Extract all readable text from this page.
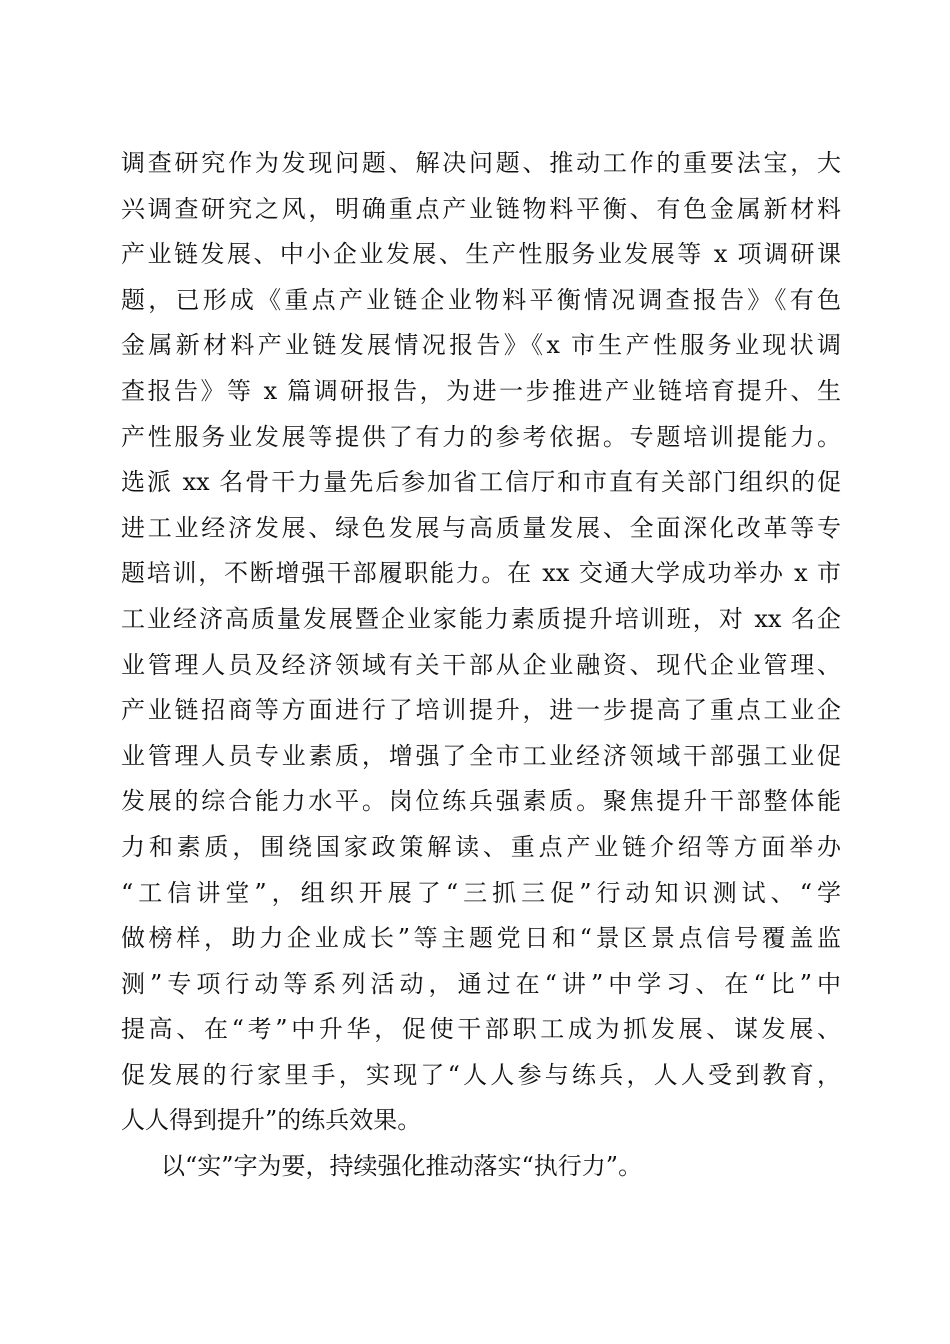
调查研究作为发现问题、解决问题、推动工作的重要法宝，大
兴调查研究之风，明确重点产业链物料平衡、有色金属新材料
产业链发展、中小企业发展、生产性服务业发展等 x 项调研课
题，已形成《重点产业链企业物料平衡情况调查报告》《有色
金属新材料产业链发展情况报告》《x 市生产性服务业现状调
查报告》等 x 篇调研报告，为进一步推进产业链培育提升、生
产性服务业发展等提供了有力的参考依据。专题培训提能力。
选派 xx 名骨干力量先后参加省工信厅和市直有关部门组织的促
进工业经济发展、绿色发展与高质量发展、全面深化改革等专
题培训，不断增强干部履职能力。在 xx 交通大学成功举办 x 市
工业经济高质量发展暨企业家能力素质提升培训班，对 xx 名企
业管理人员及经济领域有关干部从企业融资、现代企业管理、
产业链招商等方面进行了培训提升，进一步提高了重点工业企
业管理人员专业素质，增强了全市工业经济领域干部强工业促
发展的综合能力水平。岗位练兵强素质。聚焦提升干部整体能
力和素质，围绕国家政策解读、重点产业链介绍等方面举办
“工信讲堂”，组织开展了“三抓三促”行动知识测试、“学
做榜样，助力企业成长”等主题党日和“景区景点信号覆盖监
测”专项行动等系列活动，通过在“讲”中学习、在“比”中
提高、在“考”中升华，促使干部职工成为抓发展、谋发展、
促发展的行家里手，实现了“人人参与练兵，人人受到教育，
人人得到提升”的练兵效果。
以“实”字为要，持续强化推动落实“执行力”。
